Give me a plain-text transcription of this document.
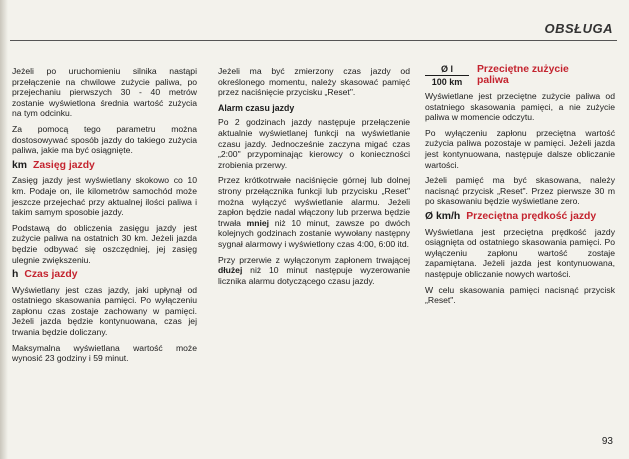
OBSŁUGA

Jeżeli po uruchomieniu silnika nastąpi przełączenie na chwilowe zużycie paliwa, po przejechaniu pierwszych 30 - 40 metrów zostanie wyświetlona średnia wartość zużycia na tym odcinku.

Za pomocą tego parametru można dostosowywać sposób jazdy do takiego zużycia paliwa, jakie ma być osiągnięte.

km Zasięg jazdy

Zasięg jazdy jest wyświetlany skokowo co 10 km. Podaje on, ile kilometrów samochód może jeszcze przejechać przy aktualnej ilości paliwa i takim samym sposobie jazdy.

Podstawą do obliczenia zasięgu jazdy jest zużycie paliwa na ostatnich 30 km. Jeżeli jazda będzie odbywać się oszczędniej, jej zasięg ulegnie zwiększeniu.

h Czas jazdy

Wyświetlany jest czas jazdy, jaki upłynął od ostatniego skasowania pamięci. Po wyłączeniu zapłonu czas zostaje zachowany w pamięci. Jeżeli jazda będzie kontynuowana, czas jej trwania będzie doliczany.

Maksymalna wyświetlana wartość może wynosić 23 godziny i 59 minut.

Jeżeli ma być zmierzony czas jazdy od określonego momentu, należy skasować pamięć przez naciśnięcie przycisku „Reset".

Alarm czasu jazdy

Po 2 godzinach jazdy następuje przełączenie aktualnie wyświetlanej funkcji na wyświetlanie czasu jazdy. Jednocześnie zaczyna migać czas „2:00" przypominając kierowcy o konieczności zrobienia przerwy.

Przez krótkotrwałe naciśnięcie górnej lub dolnej strony przełącznika funkcji lub przycisku „Reset" można wyłączyć wyświetlanie alarmu. Jeżeli zapłon będzie nadal włączony lub przerwa będzie trwała mniej niż 10 minut, zawsze po dwóch kolejnych godzinach zostanie wywołany następny sygnał alarmowy i wyświetlony czas 4:00, 6:00 itd.

Przy przerwie z wyłączonym zapłonem trwającej dłużej niż 10 minut następuje wyzerowanie licznika alarmu dotyczącego czasu jazdy.

Ø l
100 km
Przeciętne zużycie
paliwa

Wyświetlane jest przeciętne zużycie paliwa od ostatniego skasowania pamięci, a nie zużycie paliwa w momencie odczytu.

Po wyłączeniu zapłonu przeciętna wartość zużycia paliwa pozostaje w pamięci. Jeżeli jazda jest kontynuowana, następuje dalsze obliczanie wartości.

Jeżeli pamięć ma być skasowana, należy nacisnąć przycisk „Reset". Przez pierwsze 30 m po skasowaniu będzie wyświetlane zero.

Ø km/h Przeciętna prędkość jazdy

Wyświetlana jest przeciętna prędkość jazdy osiągnięta od ostatniego skasowania pamięci. Po wyłączeniu zapłonu wartość zostaje zapamiętana. Jeżeli jazda jest kontynuowana, następuje obliczanie nowych wartości.

W celu skasowania pamięci nacisnąć przycisk „Reset".

93
